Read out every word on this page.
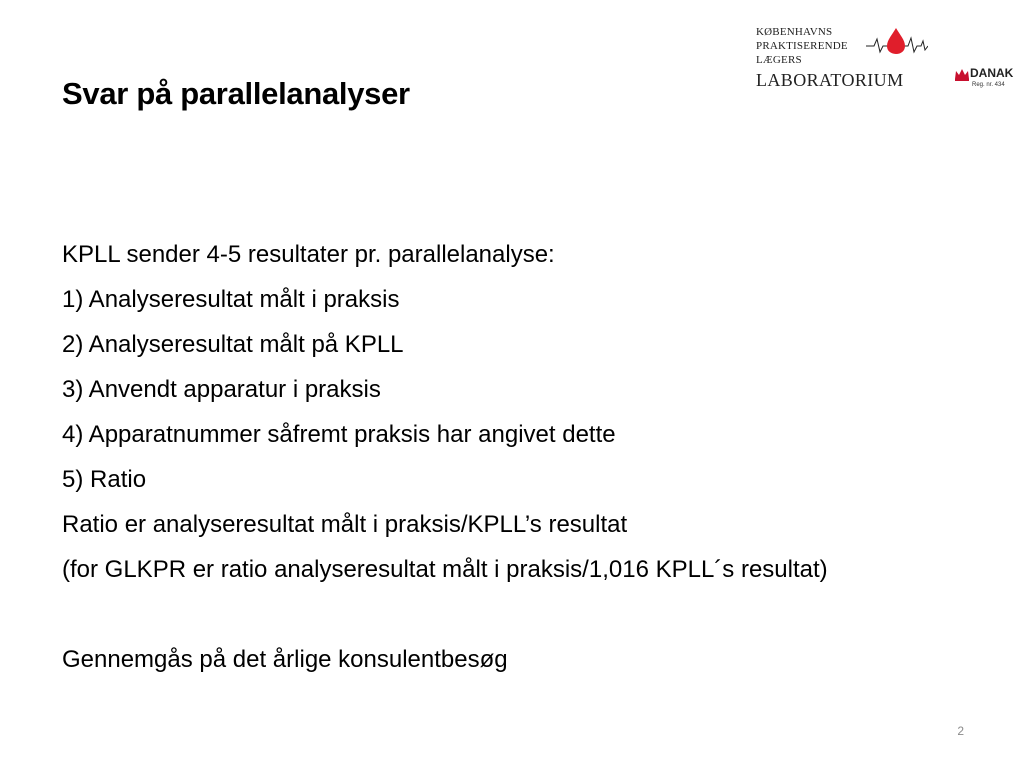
Svar på parallelanalyser
KØBENHAVNS
PRAKTISERENDE
LÆGERS
LABORATORIUM	DANAK
Reg. nr. 434
KPLL sender 4-5 resultater pr. parallelanalyse:
1) Analyseresultat målt i praksis
2) Analyseresultat målt på KPLL
3) Anvendt apparatur i praksis
4) Apparatnummer såfremt praksis har angivet dette
5) Ratio
Ratio er analyseresultat målt i praksis/KPLL’s resultat
(for GLKPR er ratio analyseresultat målt i praksis/1,016 KPLL´s resultat)
Gennemgås på det årlige konsulentbesøg
2
